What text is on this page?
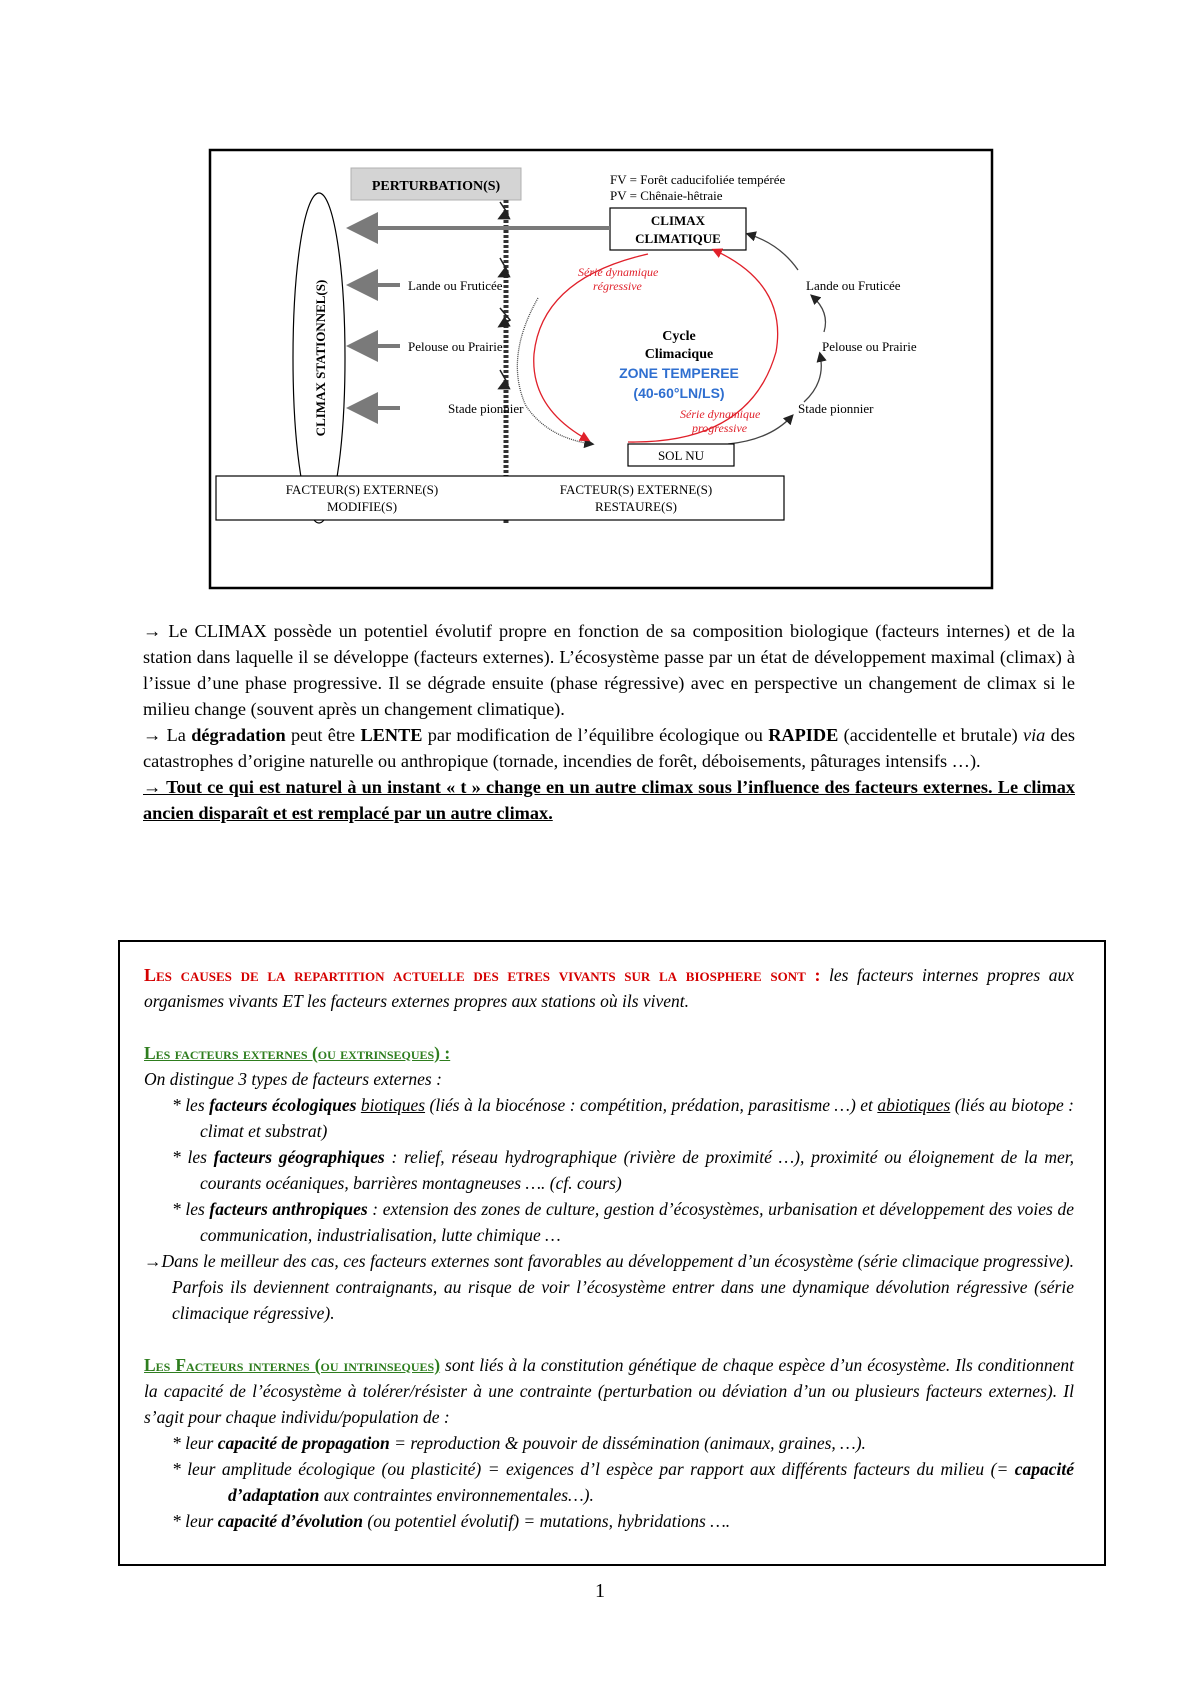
PERTURBATION(S)	FV = Forêt caducifoliée tempérée
PV = Chênaie-hêtraie
CLIMAX
CLIMATIQUE
CLIMAX STATIONNEL(S)	Lande ou Fruticée
Pelouse ou Prairie
Stade pionnier
Lande ou Fruticée
Pelouse ou Prairie
Stade pionnier
Série dynamique
régressive
Série dynamique
progressive
Cycle
Climacique
ZONE TEMPEREE
(40-60°LN/LS)
SOL NU
FACTEUR(S) EXTERNE(S)
MODIFIE(S)
FACTEUR(S) EXTERNE(S)
RESTAURE(S)

→ Le CLIMAX possède un potentiel évolutif propre en fonction de sa composition biologique (facteurs internes) et de la station dans laquelle il se développe (facteurs externes). L’écosystème passe par un état de développement maximal (climax) à l’issue d’une phase progressive. Il se dégrade ensuite (phase régressive) avec en perspective un changement de climax si le milieu change (souvent après un changement climatique).

→ La dégradation peut être LENTE par modification de l’équilibre écologique ou RAPIDE (accidentelle et brutale) via des catastrophes d’origine naturelle ou anthropique (tornade, incendies de forêt, déboisements, pâturages intensifs …).

→ Tout ce qui est naturel à un instant « t » change en un autre climax sous l’influence des facteurs externes. Le climax ancien disparaît et est remplacé par un autre climax.

Les causes de la repartition actuelle des etres vivants sur la biosphere sont : les facteurs internes propres aux organismes vivants ET les facteurs externes propres aux stations où ils vivent.
Les facteurs externes (ou extrinseques) :
On distingue 3 types de facteurs externes :
* les facteurs écologiques biotiques (liés à la biocénose : compétition, prédation, parasitisme …) et abiotiques (liés au biotope : climat et substrat)
* les facteurs géographiques : relief, réseau hydrographique (rivière de proximité …), proximité ou éloignement de la mer, courants océaniques, barrières montagneuses …. (cf. cours)
* les facteurs anthropiques : extension des zones de culture, gestion d’écosystèmes, urbanisation et développement des voies de communication, industrialisation, lutte chimique …
→Dans le meilleur des cas, ces facteurs externes sont favorables au développement d’un écosystème (série climacique progressive). Parfois ils deviennent contraignants, au risque de voir l’écosystème entrer dans une dynamique dévolution régressive (série climacique régressive).
Les Facteurs internes (ou intrinseques) sont liés à la constitution génétique de chaque espèce d’un écosystème. Ils conditionnent la capacité de l’écosystème à tolérer/résister à une contrainte (perturbation ou déviation d’un ou plusieurs facteurs externes). Il s’agit pour chaque individu/population de :
* leur capacité de propagation = reproduction & pouvoir de dissémination (animaux, graines, …).
* leur amplitude écologique (ou plasticité) = exigences d’l espèce par rapport aux différents facteurs du milieu (= capacité d’adaptation aux contraintes environnementales…).
* leur capacité d’évolution (ou potentiel évolutif) = mutations, hybridations ….
1
